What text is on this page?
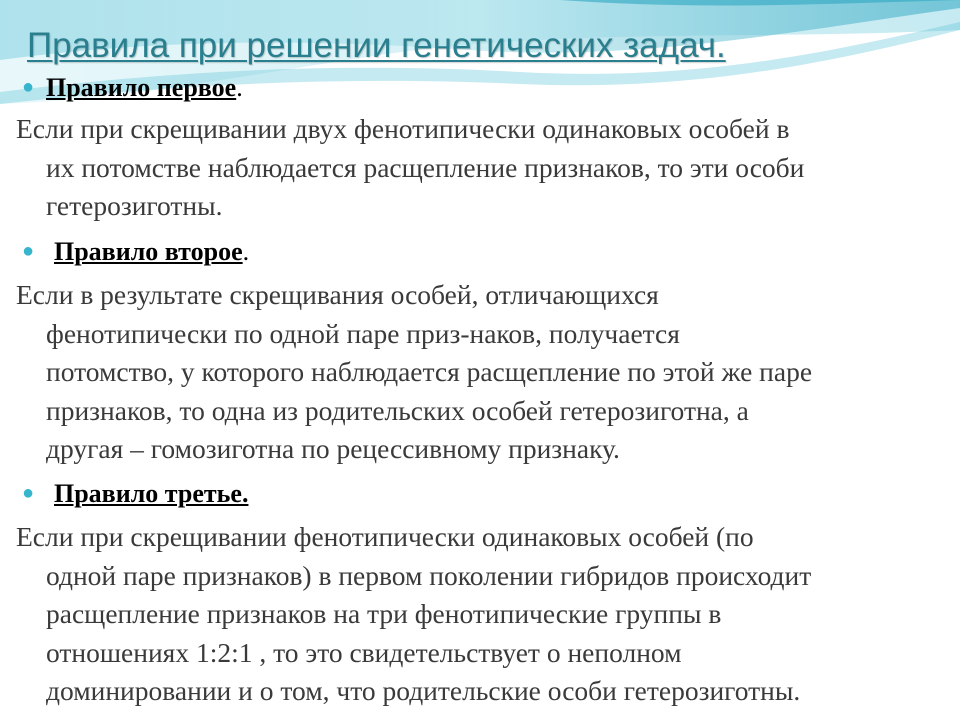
Правила при решении генетических задач.
● Правило первое.
Если при скрещивании двух фенотипически одинаковых особей в
их потомстве наблюдается расщепление признаков, то эти особи
гетерозиготны.
● Правило второе.
Если в результате скрещивания особей, отличающихся
фенотипически по одной паре приз-наков, получается
потомство, у которого наблюдается расщепление по этой же паре
признаков, то одна из родительских особей гетерозиготна, а
другая – гомозиготна по рецессивному признаку.
● Правило третье.
Если при скрещивании фенотипически одинаковых особей (по
одной паре признаков) в первом поколении гибридов происходит
расщепление признаков на три фенотипические группы в
отношениях 1:2:1 , то это свидетельствует о неполном
доминировании и о том, что родительские особи гетерозиготны.
